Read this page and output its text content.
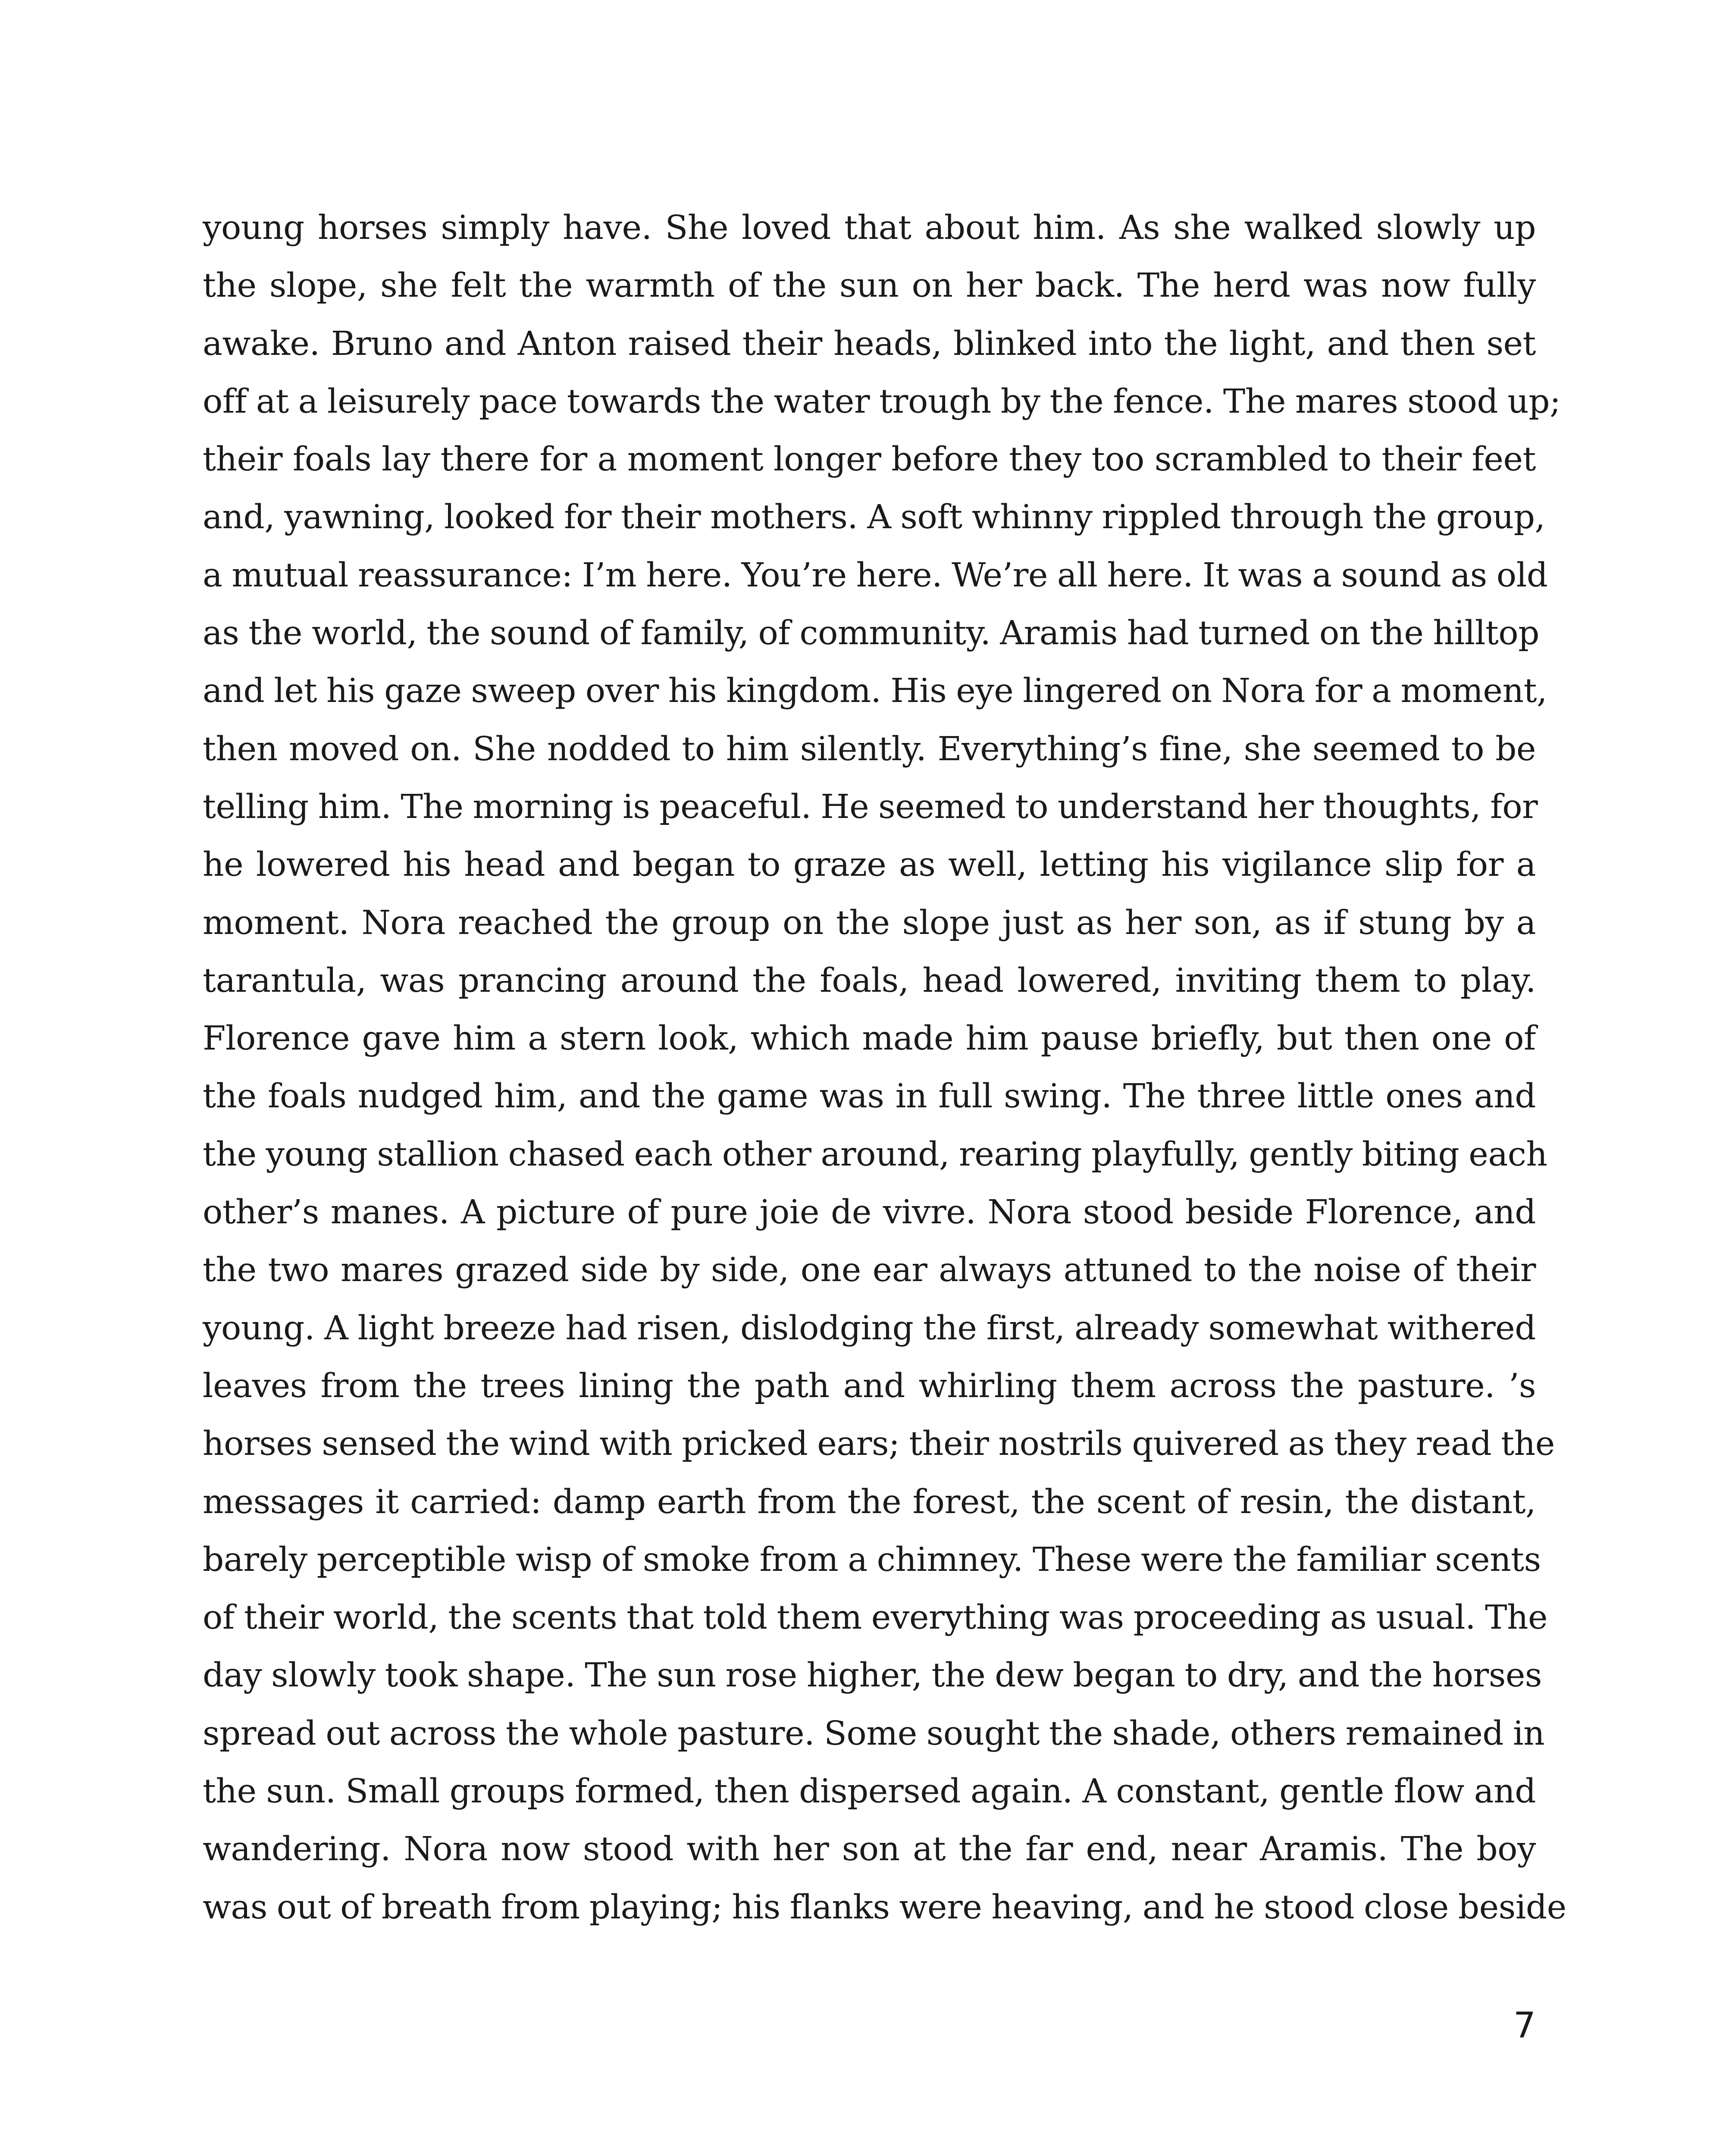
young horses simply have. She loved that about him. As she walked slowly up
the slope, she felt the warmth of the sun on her back. The herd was now fully
awake. Bruno and Anton raised their heads, blinked into the light, and then set
off at a leisurely pace towards the water trough by the fence. The mares stood up;
their foals lay there for a moment longer before they too scrambled to their feet
and, yawning, looked for their mothers. A soft whinny rippled through the group,
a mutual reassurance: I’m here. You’re here. We’re all here. It was a sound as old
as the world, the sound of family, of community. Aramis had turned on the hilltop
and let his gaze sweep over his kingdom. His eye lingered on Nora for a moment,
then moved on. She nodded to him silently. Everything’s fine, she seemed to be
telling him. The morning is peaceful. He seemed to understand her thoughts, for
he lowered his head and began to graze as well, letting his vigilance slip for a
moment. Nora reached the group on the slope just as her son, as if stung by a
tarantula, was prancing around the foals, head lowered, inviting them to play.
Florence gave him a stern look, which made him pause briefly, but then one of
the foals nudged him, and the game was in full swing. The three little ones and
the young stallion chased each other around, rearing playfully, gently biting each
other’s manes. A picture of pure joie de vivre. Nora stood beside Florence, and
the two mares grazed side by side, one ear always attuned to the noise of their
young. A light breeze had risen, dislodging the first, already somewhat withered
leaves from the trees lining the path and whirling them across the pasture. ’s
horses sensed the wind with pricked ears; their nostrils quivered as they read the
messages it carried: damp earth from the forest, the scent of resin, the distant,
barely perceptible wisp of smoke from a chimney. These were the familiar scents
of their world, the scents that told them everything was proceeding as usual. The
day slowly took shape. The sun rose higher, the dew began to dry, and the horses
spread out across the whole pasture. Some sought the shade, others remained in
the sun. Small groups formed, then dispersed again. A constant, gentle flow and
wandering. Nora now stood with her son at the far end, near Aramis. The boy
was out of breath from playing; his flanks were heaving, and he stood close beside
7
